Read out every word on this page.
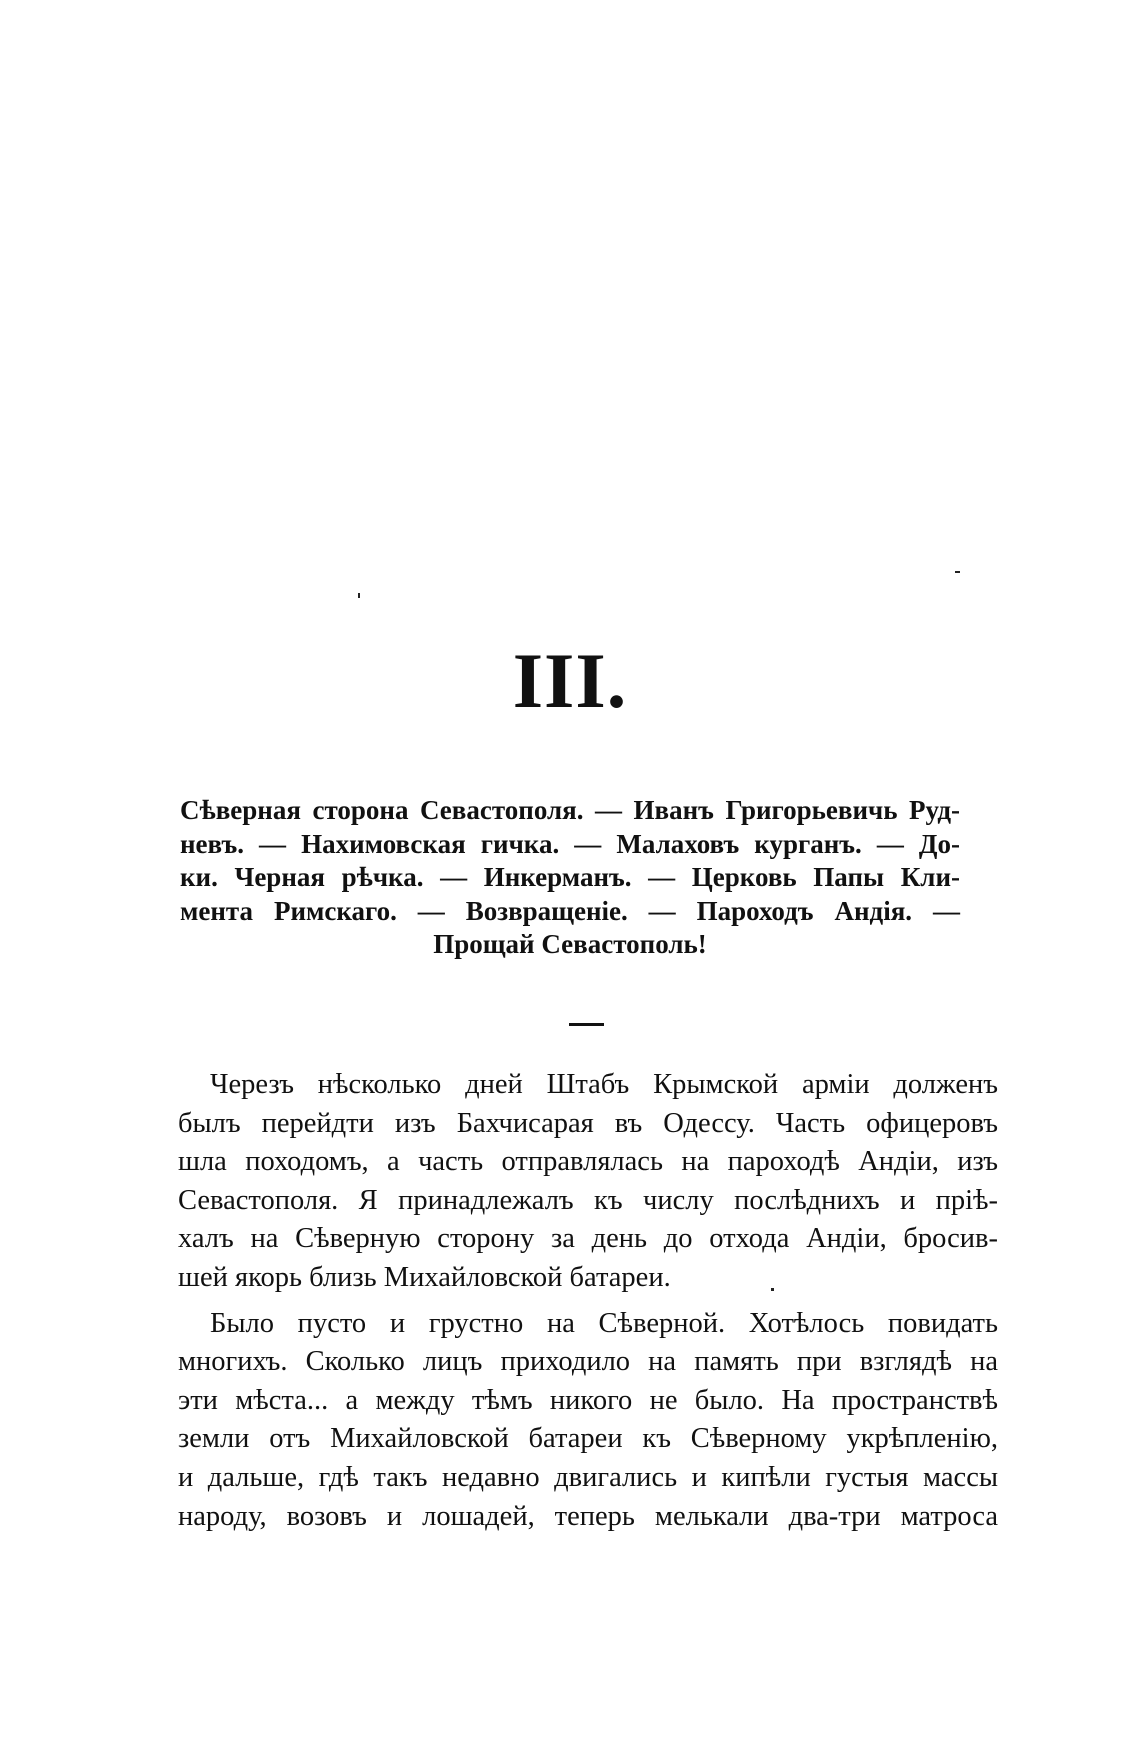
III.
Сѣверная сторона Севастополя. — Иванъ Григорьевичь Руд-
невъ. — Нахимовская гичка. — Малаховъ курганъ. — До-
ки. Черная рѣчка. — Инкерманъ. — Церковь Папы Кли-
мента Римскаго. — Возвращеніе. — Пароходъ Андія. —
Прощай Севастополь!
Черезъ нѣсколько дней Штабъ Крымской арміи долженъ
былъ перейдти изъ Бахчисарая въ Одессу. Часть офицеровъ
шла походомъ, а часть отправлялась на пароходѣ Андіи, изъ
Севастополя. Я принадлежалъ къ числу послѣднихъ и пріѣ-
халъ на Сѣверную сторону за день до отхода Андіи, бросив-
шей якорь близь Михайловской батареи.
Было пусто и грустно на Сѣверной. Хотѣлось повидать
многихъ. Сколько лицъ приходило на память при взглядѣ на
эти мѣста... а между тѣмъ никого не было. На пространствѣ
земли отъ Михайловской батареи къ Сѣверному укрѣпленію,
и дальше, гдѣ такъ недавно двигались и кипѣли густыя массы
народу, возовъ и лошадей, теперь мелькали два-три матроса
